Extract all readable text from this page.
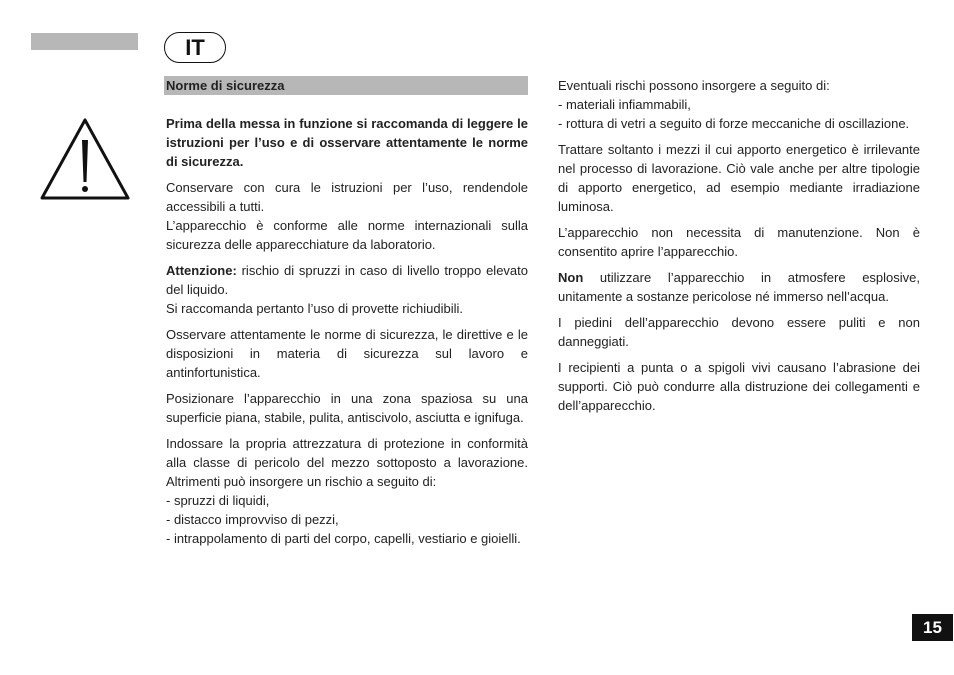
IT
Norme di sicurezza

Prima della messa in funzione si raccomanda di leggere le istruzioni per l’uso e di osservare attentamente le norme di sicurezza.

Conservare con cura le istruzioni per l’uso, rendendole accessibili a tutti.

L’apparecchio è conforme alle norme internazionali sulla sicurezza delle apparecchiature da laboratorio.

Attenzione: rischio di spruzzi in caso di livello troppo elevato del liquido.

Si raccomanda pertanto l’uso di provette richiudibili.

Osservare attentamente le norme di sicurezza, le direttive e le disposizioni in materia di sicurezza sul lavoro e antinfortunistica.

Posizionare l’apparecchio in una zona spaziosa su una superficie piana, stabile, pulita, antiscivolo, asciutta e ignifuga.

Indossare la propria attrezzatura di protezione in conformità alla classe di pericolo del mezzo sottoposto a lavorazione. Altrimenti può insorgere un rischio a seguito di:

- spruzzi di liquidi,
- distacco improvviso di pezzi,
- intrappolamento di parti del corpo, capelli, vestiario e gioielli.

Eventuali rischi possono insorgere a seguito di:

- materiali infiammabili,
- rottura di vetri a seguito di forze meccaniche di oscillazione.

Trattare soltanto i mezzi il cui apporto energetico è irrilevante nel processo di lavorazione. Ciò vale anche per altre tipologie di apporto energetico, ad esempio mediante irradiazione luminosa.

L’apparecchio non necessita di manutenzione. Non è consentito aprire l’apparecchio.

Non utilizzare l’apparecchio in atmosfere esplosive, unitamente a sostanze pericolose né immerso nell’acqua.

I piedini dell’apparecchio devono essere puliti e non danneggiati.

I recipienti a punta o a spigoli vivi causano l’abrasione dei supporti. Ciò può condurre alla distruzione dei collegamenti e dell’apparecchio.

15
